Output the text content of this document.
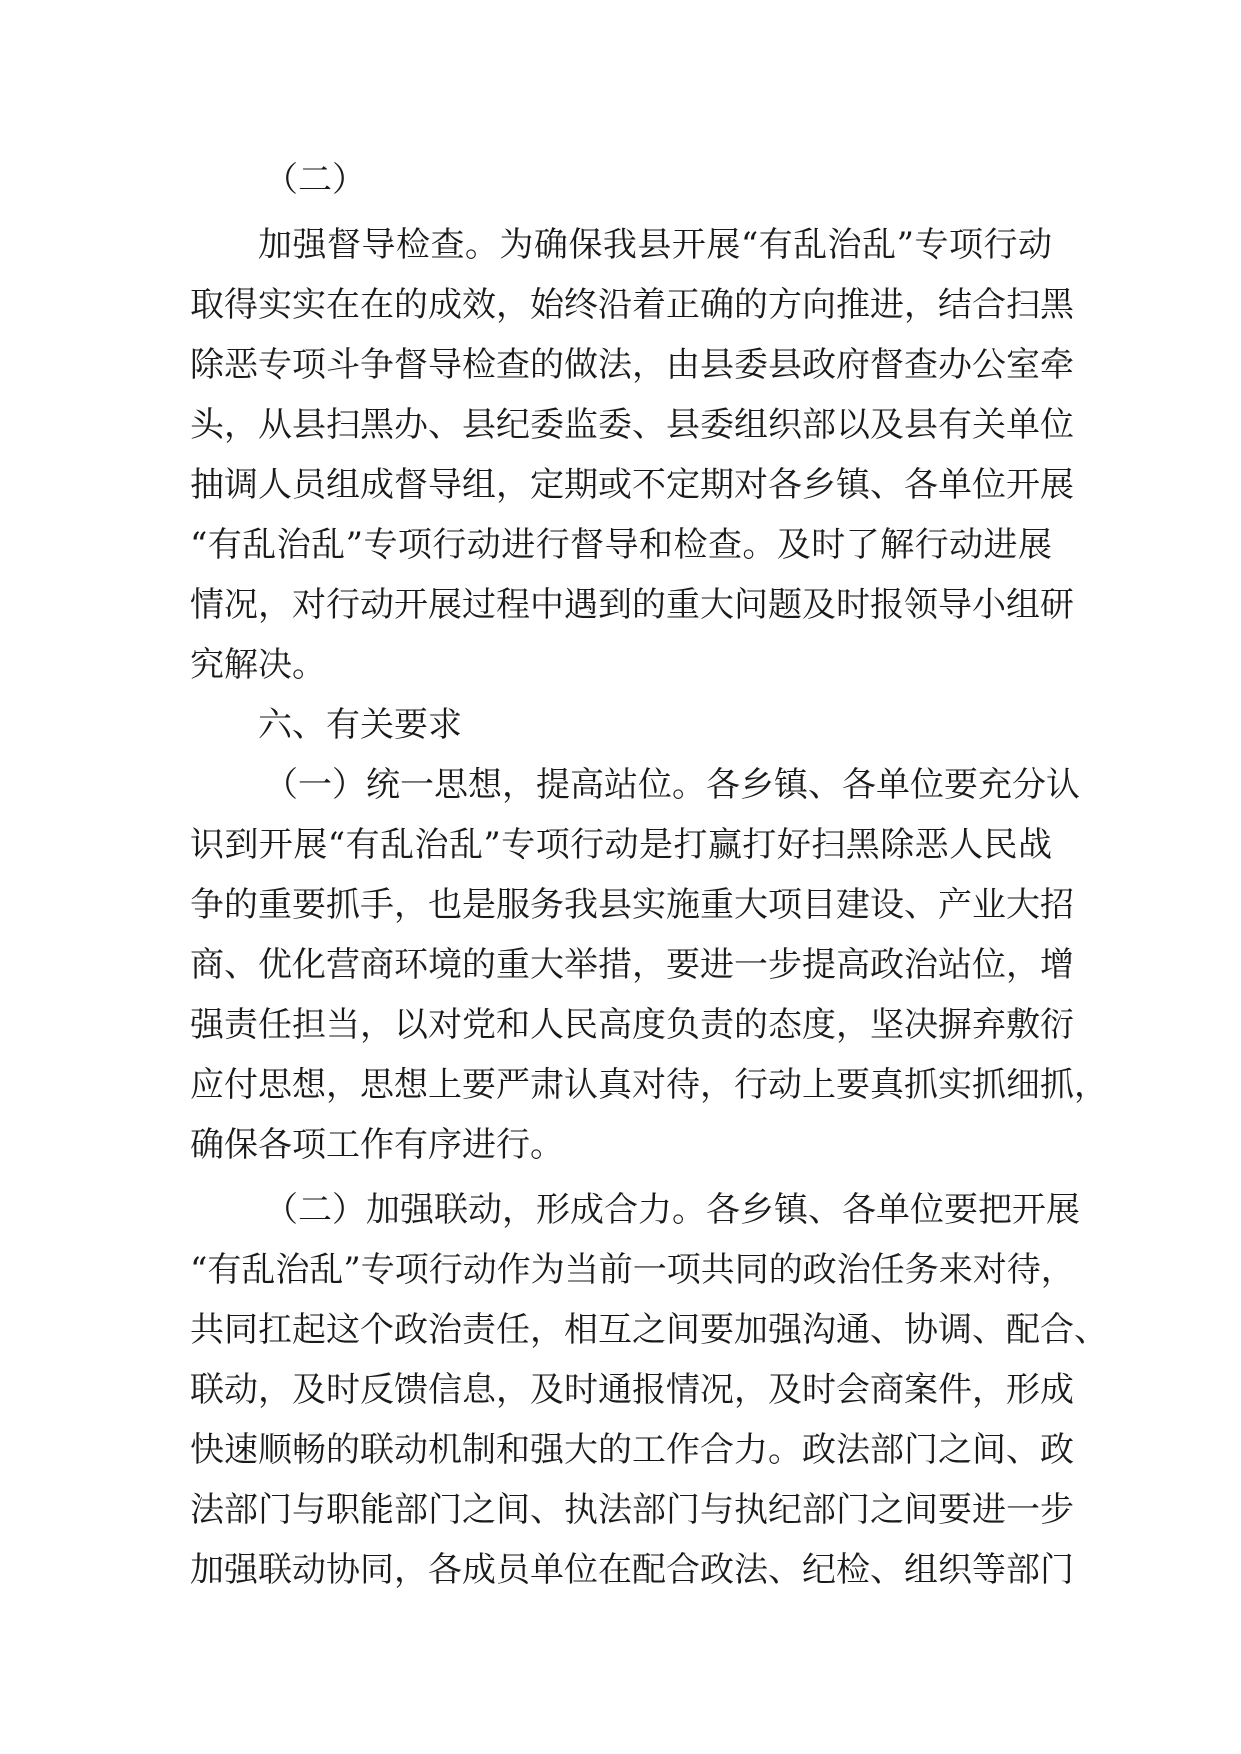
（二）
加强督导检查。为确保我县开展“有乱治乱”专项行动
取得实实在在的成效，始终沿着正确的方向推进，结合扫黑
除恶专项斗争督导检查的做法，由县委县政府督查办公室牵
头，从县扫黑办、县纪委监委、县委组织部以及县有关单位
抽调人员组成督导组，定期或不定期对各乡镇、各单位开展
“有乱治乱”专项行动进行督导和检查。及时了解行动进展
情况，对行动开展过程中遇到的重大问题及时报领导小组研
究解决。
六、有关要求
（一）统一思想，提高站位。各乡镇、各单位要充分认
识到开展“有乱治乱”专项行动是打赢打好扫黑除恶人民战
争的重要抓手，也是服务我县实施重大项目建设、产业大招
商、优化营商环境的重大举措，要进一步提高政治站位，增
强责任担当，以对党和人民高度负责的态度，坚决摒弃敷衍
应付思想，思想上要严肃认真对待，行动上要真抓实抓细抓，
确保各项工作有序进行。
（二）加强联动，形成合力。各乡镇、各单位要把开展
“有乱治乱”专项行动作为当前一项共同的政治任务来对待，
共同扛起这个政治责任，相互之间要加强沟通、协调、配合、
联动，及时反馈信息，及时通报情况，及时会商案件，形成
快速顺畅的联动机制和强大的工作合力。政法部门之间、政
法部门与职能部门之间、执法部门与执纪部门之间要进一步
加强联动协同，各成员单位在配合政法、纪检、组织等部门
